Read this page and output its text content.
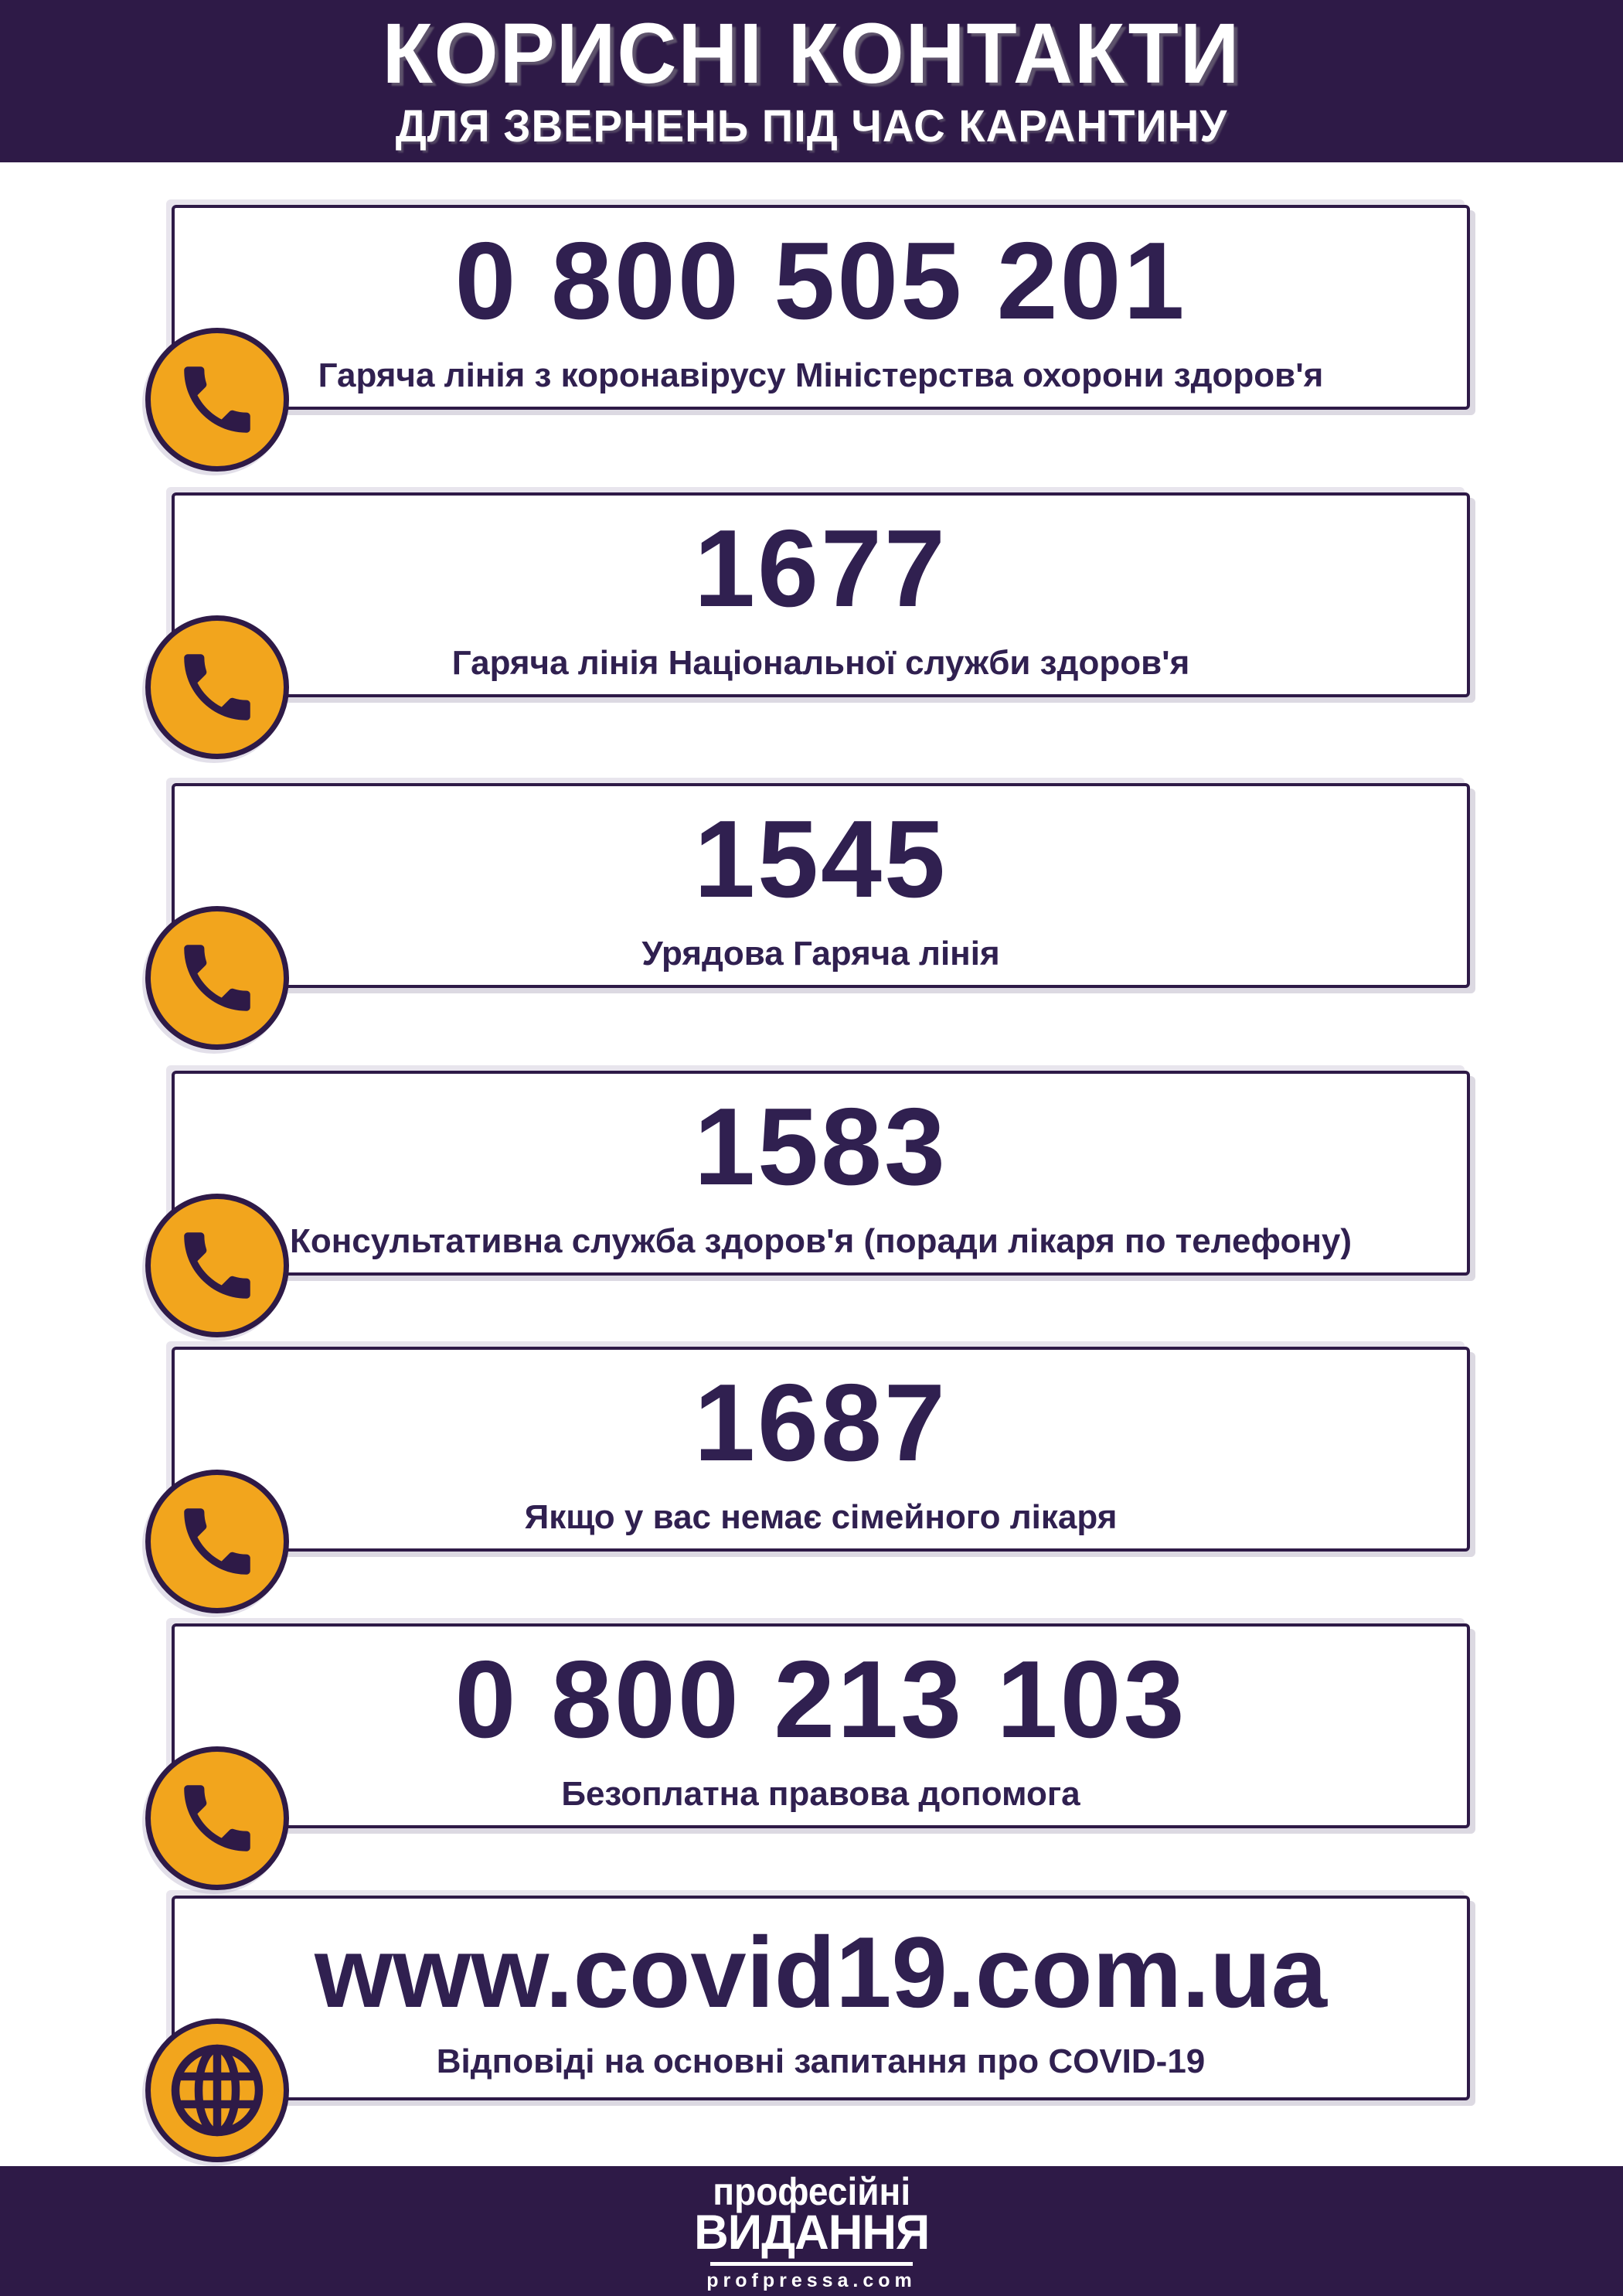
КОРИСНІ КОНТАКТИ
ДЛЯ ЗВЕРНЕНЬ ПІД ЧАС КАРАНТИНУ
0 800 505 201
Гаряча лінія з коронавірусу Міністерства охорони здоров'я
1677
Гаряча лінія Національної служби здоров'я
1545
Урядова Гаряча лінія
1583
Консультативна служба здоров'я (поради лікаря по телефону)
1687
Якщо у вас немає сімейного лікаря
0 800 213 103
Безоплатна правова допомога
www.covid19.com.ua
Відповіді на основні запитання про COVID-19
професійні
ВИДАННЯ
profpressa.com
